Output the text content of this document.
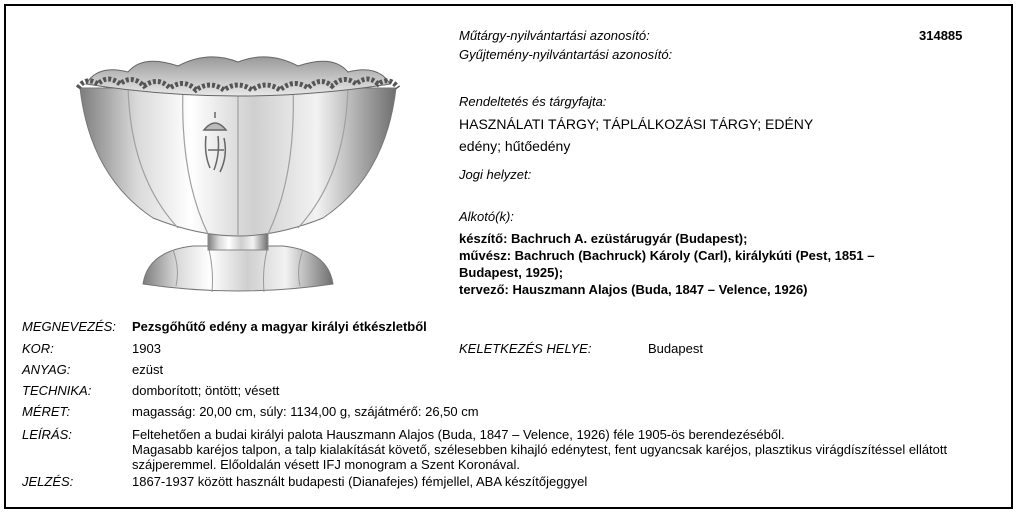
Műtárgy-nyilvántartási azonosító:	314885
Gyűjtemény-nyilvántartási azonosító:
Rendeltetés és tárgyfajta:
HASZNÁLATI TÁRGY; TÁPLÁLKOZÁSI TÁRGY; EDÉNY
edény; hűtőedény
Jogi helyzet:
Alkotó(k):
készítő: Bachruch A. ezüstárugyár (Budapest);
művész: Bachruch (Bachruck) Károly (Carl), királykúti (Pest, 1851 –
Budapest, 1925);
tervező: Hauszmann Alajos (Buda, 1847 – Velence, 1926)
MEGNEVEZÉS: Pezsgőhűtő edény a magyar királyi étkészletből
KOR:	1903	KELETKEZÉS HELYE:	Budapest
ANYAG:	ezüst
TECHNIKA:	domborított; öntött; vésett
MÉRET:	magasság: 20,00 cm, súly: 1134,00 g, szájátmérő: 26,50 cm
LEÍRÁS:	Feltehetően a budai királyi palota Hauszmann Alajos (Buda, 1847 – Velence, 1926) féle 1905-ös berendezéséből.
Magasabb karéjos talpon, a talp kialakítását követő, szélesebben kihajló edénytest, fent ugyancsak karéjos, plasztikus virágdíszítéssel ellátott
szájperemmel. Előoldalán vésett IFJ monogram a Szent Koronával.
JELZÉS:	1867-1937 között használt budapesti (Dianafejes) fémjellel, ABA készítőjeggyel
